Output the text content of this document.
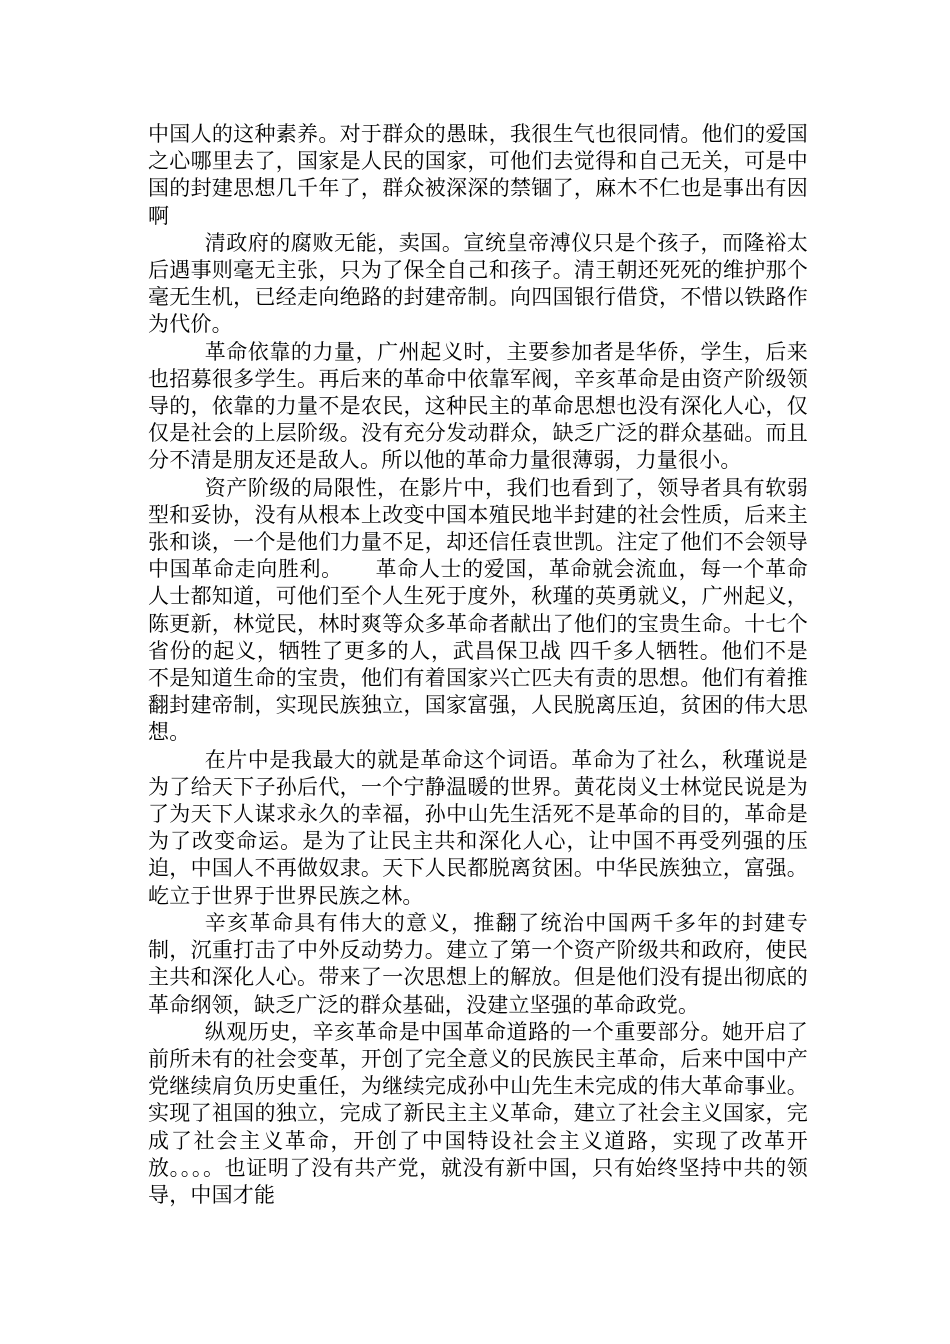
中国人的这种素养。对于群众的愚昧，我很生气也很同情。他们的爱国之心哪里去了，国家是人民的国家，可他们去觉得和自己无关，可是中国的封建思想几千年了，群众被深深的禁锢了，麻木不仁也是事出有因啊

清政府的腐败无能，卖国。宣统皇帝溥仪只是个孩子，而隆裕太后遇事则毫无主张，只为了保全自己和孩子。清王朝还死死的维护那个毫无生机，已经走向绝路的封建帝制。向四国银行借贷，不惜以铁路作为代价。

革命依靠的力量，广州起义时，主要参加者是华侨，学生，后来也招募很多学生。再后来的革命中依靠军阀，辛亥革命是由资产阶级领导的，依靠的力量不是农民，这种民主的革命思想也没有深化人心，仅仅是社会的上层阶级。没有充分发动群众，缺乏广泛的群众基础。而且分不清是朋友还是敌人。所以他的革命力量很薄弱，力量很小。

资产阶级的局限性，在影片中，我们也看到了，领导者具有软弱型和妥协，没有从根本上改变中国本殖民地半封建的社会性质，后来主张和谈，一个是他们力量不足，却还信任袁世凯。注定了他们不会领导中国革命走向胜利。　　革命人士的爱国，革命就会流血，每一个革命人士都知道，可他们至个人生死于度外，秋瑾的英勇就义，广州起义，陈更新，林觉民，林时爽等众多革命者献出了他们的宝贵生命。十七个省份的起义，牺牲了更多的人，武昌保卫战 四千多人牺牲。他们不是不是知道生命的宝贵，他们有着国家兴亡匹夫有责的思想。他们有着推翻封建帝制，实现民族独立，国家富强，人民脱离压迫，贫困的伟大思想。

在片中是我最大的就是革命这个词语。革命为了社么，秋瑾说是为了给天下子孙后代，一个宁静温暖的世界。黄花岗义士林觉民说是为了为天下人谋求永久的幸福，孙中山先生活死不是革命的目的，革命是为了改变命运。是为了让民主共和深化人心，让中国不再受列强的压迫，中国人不再做奴隶。天下人民都脱离贫困。中华民族独立，富强。屹立于世界于世界民族之林。

辛亥革命具有伟大的意义，推翻了统治中国两千多年的封建专制，沉重打击了中外反动势力。建立了第一个资产阶级共和政府，使民主共和深化人心。带来了一次思想上的解放。但是他们没有提出彻底的革命纲领，缺乏广泛的群众基础，没建立坚强的革命政党。

纵观历史，辛亥革命是中国革命道路的一个重要部分。她开启了前所未有的社会变革，开创了完全意义的民族民主革命，后来中国中产党继续肩负历史重任，为继续完成孙中山先生未完成的伟大革命事业。实现了祖国的独立，完成了新民主主义革命，建立了社会主义国家，完成了社会主义革命，开创了中国特设社会主义道路，实现了改革开放。。。。也证明了没有共产党，就没有新中国，只有始终坚持中共的领导，中国才能
